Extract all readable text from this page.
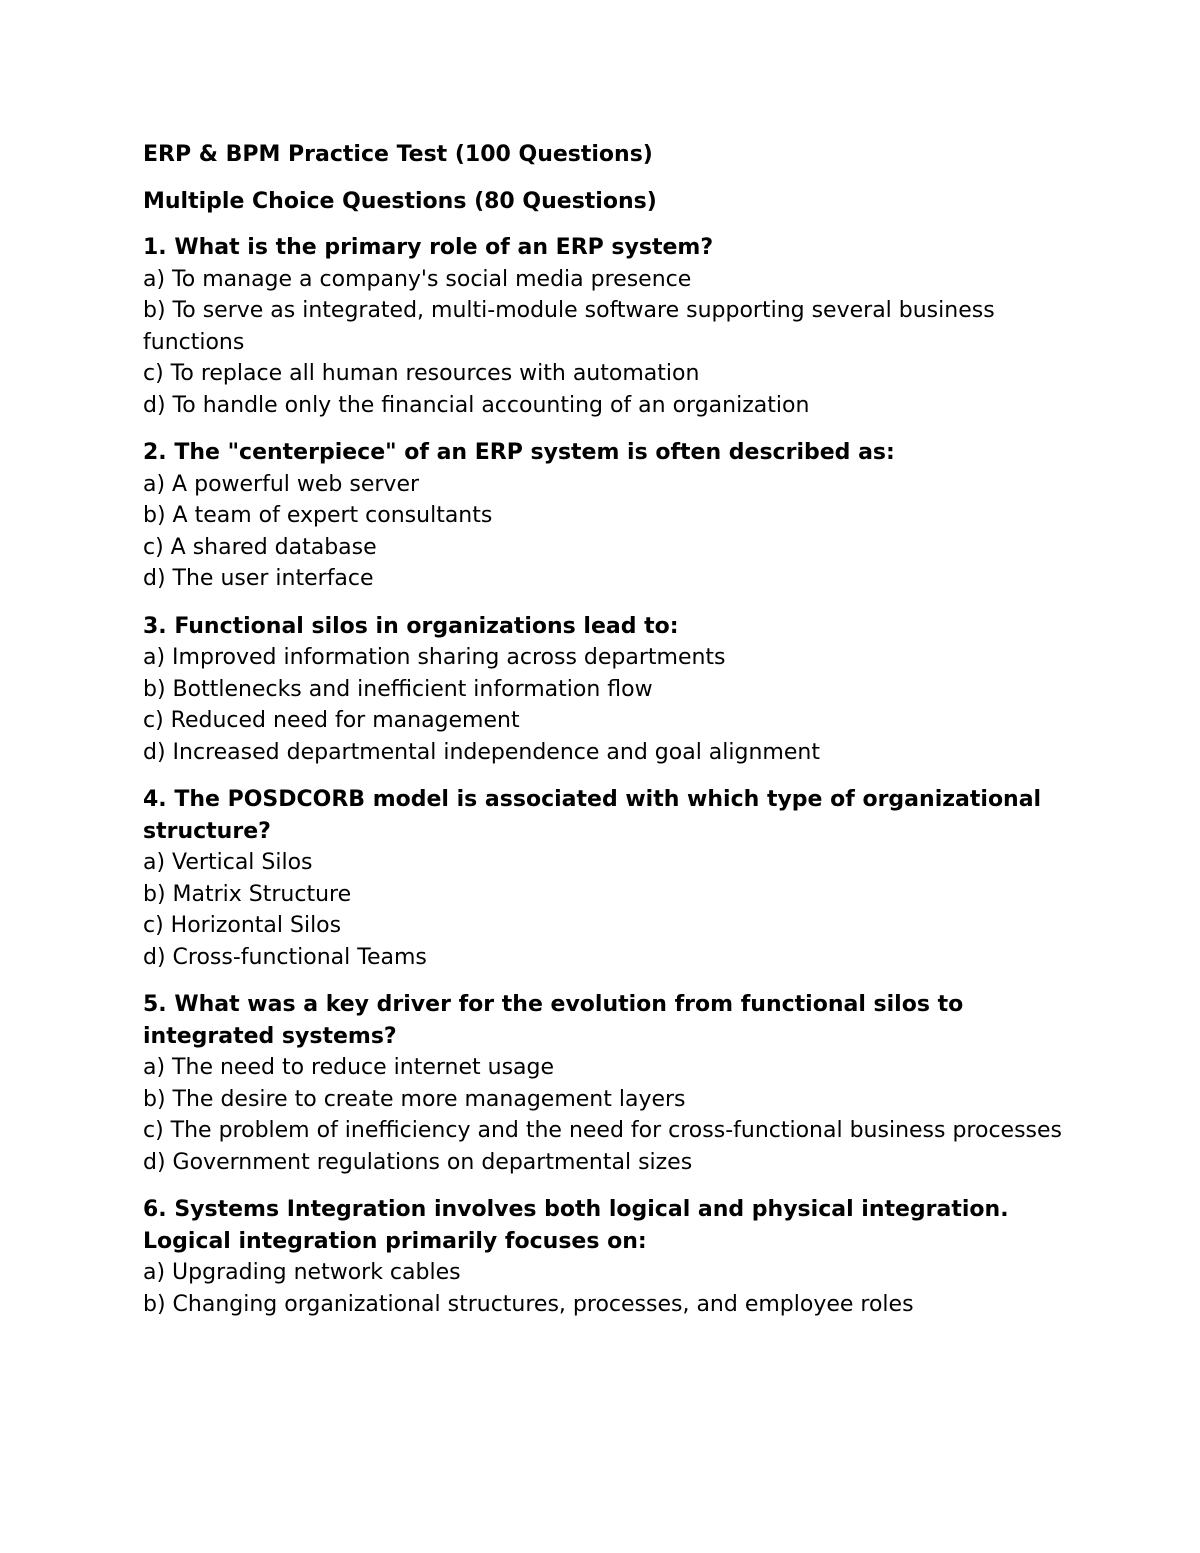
ERP & BPM Practice Test (100 Questions)
Multiple Choice Questions (80 Questions)
1. What is the primary role of an ERP system?
a) To manage a company's social media presence
b) To serve as integrated, multi-module software supporting several business functions
c) To replace all human resources with automation
d) To handle only the financial accounting of an organization
2. The "centerpiece" of an ERP system is often described as:
a) A powerful web server
b) A team of expert consultants
c) A shared database
d) The user interface
3. Functional silos in organizations lead to:
a) Improved information sharing across departments
b) Bottlenecks and inefficient information flow
c) Reduced need for management
d) Increased departmental independence and goal alignment
4. The POSDCORB model is associated with which type of organizational structure?
a) Vertical Silos
b) Matrix Structure
c) Horizontal Silos
d) Cross-functional Teams
5. What was a key driver for the evolution from functional silos to integrated systems?
a) The need to reduce internet usage
b) The desire to create more management layers
c) The problem of inefficiency and the need for cross-functional business processes
d) Government regulations on departmental sizes
6. Systems Integration involves both logical and physical integration. Logical integration primarily focuses on:
a) Upgrading network cables
b) Changing organizational structures, processes, and employee roles
